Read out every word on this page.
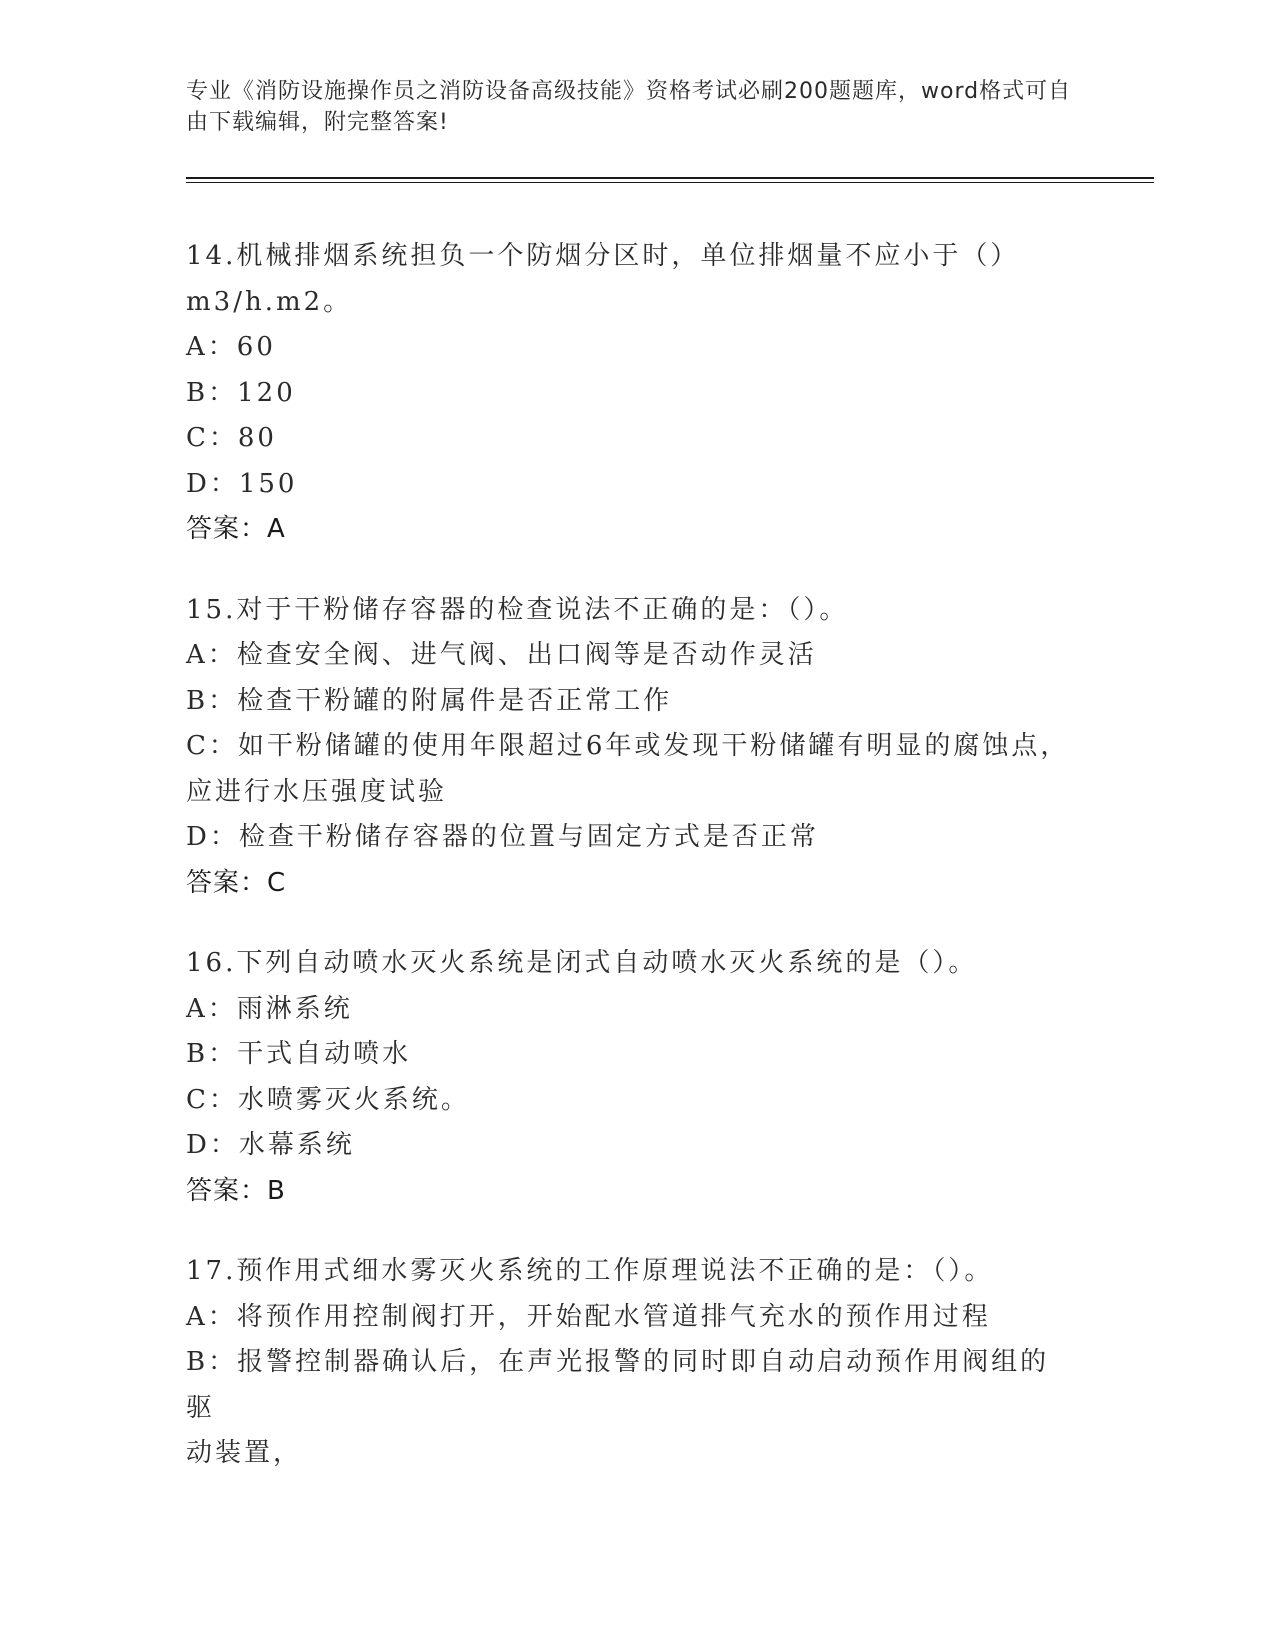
专业《消防设施操作员之消防设备高级技能》资格考试必刷200题题库，word格式可自由下载编辑，附完整答案!
14.机械排烟系统担负一个防烟分区时，单位排烟量不应小于（）
m3/h.m2。
A：60
B：120
C：80
D：150
答案：A
15.对于干粉储存容器的检查说法不正确的是：（）。
A：检查安全阀、进气阀、出口阀等是否动作灵活
B：检查干粉罐的附属件是否正常工作
C：如干粉储罐的使用年限超过6年或发现干粉储罐有明显的腐蚀点，
应进行水压强度试验
D：检查干粉储存容器的位置与固定方式是否正常
答案：C
16.下列自动喷水灭火系统是闭式自动喷水灭火系统的是（）。
A：雨淋系统
B：干式自动喷水
C：水喷雾灭火系统。
D：水幕系统
答案：B
17.预作用式细水雾灭火系统的工作原理说法不正确的是：（）。
A：将预作用控制阀打开，开始配水管道排气充水的预作用过程
B：报警控制器确认后，在声光报警的同时即自动启动预作用阀组的驱
动装置，
